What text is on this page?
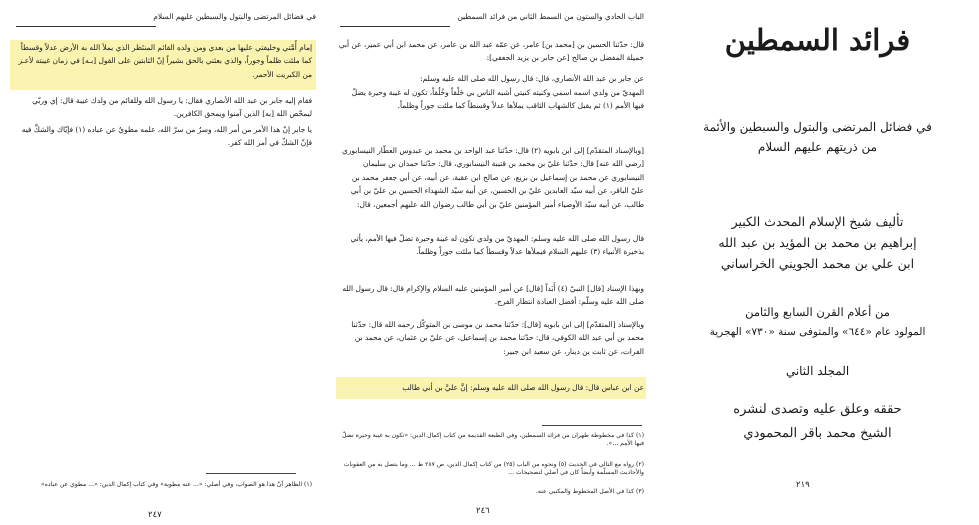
في فضائل المرتضى والبتول والسبطين عليهم السلام
إمام أُمَّتي وخليفتي عليها من بعدي ومن ولده القائم المنتَظر الذي يملأ الله به الأرض عدلاً وقسطاً كما ملئت ظلماً وجوراً، والذي بعثني بالحق بشيراً إنّ الثابتين على القول [بـه] في زمان غيبته لأعـز من الكبريت الأحمر.
فقام إليه جابر بن عبد الله الأنصاري فقال: يا رسول الله وللقائم من ولدك غيبة قال: إي وربّي ليمحّص الله [به] الذين آمنوا ويمحق الكافرين.
يا جابر إنّ هذا الأمر من أمر الله، وسرٌ من سرّ الله، علمه مطويٌ عن عباده (١) فإيّاك والشكَّ فيه فإنّ الشكّ في أمر الله كفر.
(١) الظاهر أنّ هذا هو الصواب، وفي أصلي: «... عنه مطوية» وفي كتاب إكمال الدين: «... مطوي عن عباده»
٢٤٧
الباب الحادي والستون من السمط الثاني من فرائد السمطين
قال: حدّثنا الحسين بن [محمد بن] عامر، عن عمّه عبد الله بن عامر، عن محمد ابن أبي عمير، عن أبي جميلة المفضل بن صالح [عن جابر بن يزيد الجعفي]:
عن جابر بن عبد الله الأنصاري، قال: قال رسول الله صلى الله عليه وسلم:
المهديّ من ولدي اسمه اسمي وكنيته كنيتي أشبه الناس بي خَلْقاً وخُلُقاً، تكون له غيبة وحيرة يضلّ فيها الأمم (١) ثم يقبل كالشهاب الثاقب يملأها عدلاً وقسطاً كما ملئت جوراً وظلماً.
[وبالإسناد المتقدّم] إلى ابن بابويه (٢) قال: حدّثنا عبد الواحد بن محمد بن عبدوس العطّار النيسابوري [رضي الله عنه] قال: حدّثنا عليّ بن محمد بن قتيبة النيسابوري، قال: حدّثنا حمدان بن سليمان النيسابوري عن محمد بن إسماعيل بن بزيع، عن صالح ابن عقبة، عن أبيه، عن أبي جعفر محمد بن عليّ الباقر، عن أبيه سيّد العابدين عليّ بن الحسين، عن أبيه سيّد الشهداء الحسين بن عليّ بن أبي طالب، عن أبيه سيّد الأوصياء أمير المؤمنين عليّ بن أبي طالب رضوان الله عليهم أجمعين، قال:
قال رسول الله صلى الله عليه وسلم: المهديّ من ولدي تكون له غيبة وحيرة تضلّ فيها الأمم، يأتي بذخيرة الأنبياء (٣) عليهم السلام فيملأها عدلاً وقسطاً كما ملئت جوراً وظلماً.
وبهذا الإسناد [قال] النبيّ (٤) أَبَداً [قال] عن أمير المؤمنين عليه السلام والإكرام قال: قال رسول الله صلى الله عليه وسلّم: أفضل العبادة انتظار الفرج.
وبالإسناد [المتقدّم] إلى ابن بابويه [قال]: حدّثنا محمد بن موسى بن المتوكّل رحمه الله قال: حدّثنا محمد بن أبي عبد الله الكوفي، قال: حدّثنا محمد بن إسماعيل، عن عليّ بن عثمان، عن محمد بن الفرات، عن ثابت بن دينار، عن سعيد ابن جبير:
عن ابن عباس قال: قال رسول الله صلى الله عليه وسلم: إنَّ عليَّ بن أبي طالب
(١) كذا في مخطوطة طهران من فرائد السمطين، وفي الطبعة القديمة من كتاب إكمال الدين: «تكون به غيبة وحيرة تضلّ فيها الأمم ...».
(٢) رواه مع التالي في الحديث (٥) ونحوه من الباب (٢٥) من كتاب إكمال الدين، ص ٢٨٧ ط ... وما يتصل به من العقوبات والأحاديث المسلّمة وأيضاً كان في أصلي لتصحيحات ...
(٣) كذا في الأصل المخطوط والمكتبي عنه.
٢٤٦
فرائد السمطين
في فضائل المرتضى والبتول والسبطين والأئمة
من ذريتهم عليهم السلام
تأليف شيخ الإسلام المحدث الكبير
إبراهيم بن محمد بن المؤيد بن عبد الله
ابن علي بن محمد الجويني الخراساني
من أعلام القرن السابع والثامن
المولود عام «٦٤٤» والمتوفى سنة «٧٣٠» الهجرية
المجلد الثاني
حققه وعلق عليه وتصدى لنشره
الشيخ محمد باقر المحمودي
٢١٩
